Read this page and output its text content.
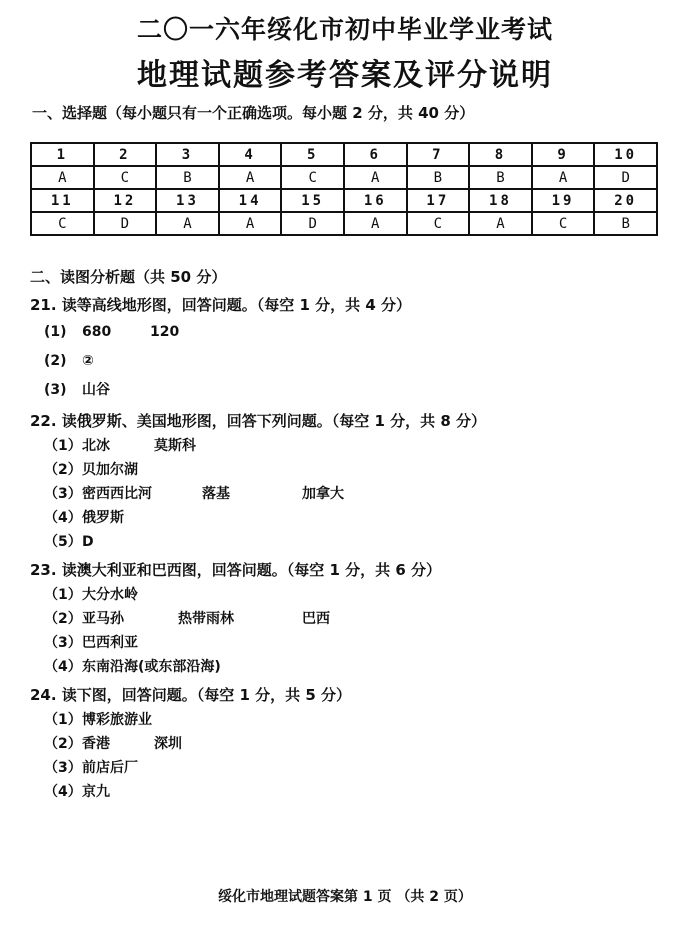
二〇一六年绥化市初中毕业学业考试
地理试题参考答案及评分说明
一、选择题（每小题只有一个正确选项。每小题 2 分，共 40 分）
1	2	3	4	5	6	7	8	9	10
A	C	B	A	C	A	B	B	A	D
11	12	13	14	15	16	17	18	19	20
C	D	A	A	D	A	C	A	C	B
二、读图分析题（共 50 分）
21. 读等高线地形图，回答问题。（每空 1 分，共 4 分）
(1) 680	120
(2) ②
(3) 山谷
22. 读俄罗斯、美国地形图，回答下列问题。（每空 1 分，共 8 分）
（1）北冰	莫斯科
（2）贝加尔湖
（3）密西西比河	落基	加拿大
（4）俄罗斯
（5）D
23. 读澳大利亚和巴西图，回答问题。（每空 1 分，共 6 分）
（1）大分水岭
（2）亚马孙	热带雨林	巴西
（3）巴西利亚
（4）东南沿海(或东部沿海)
24. 读下图，回答问题。（每空 1 分，共 5 分）
（1）博彩旅游业
（2）香港	深圳
（3）前店后厂
（4）京九
绥化市地理试题答案第 1 页 （共 2 页）
